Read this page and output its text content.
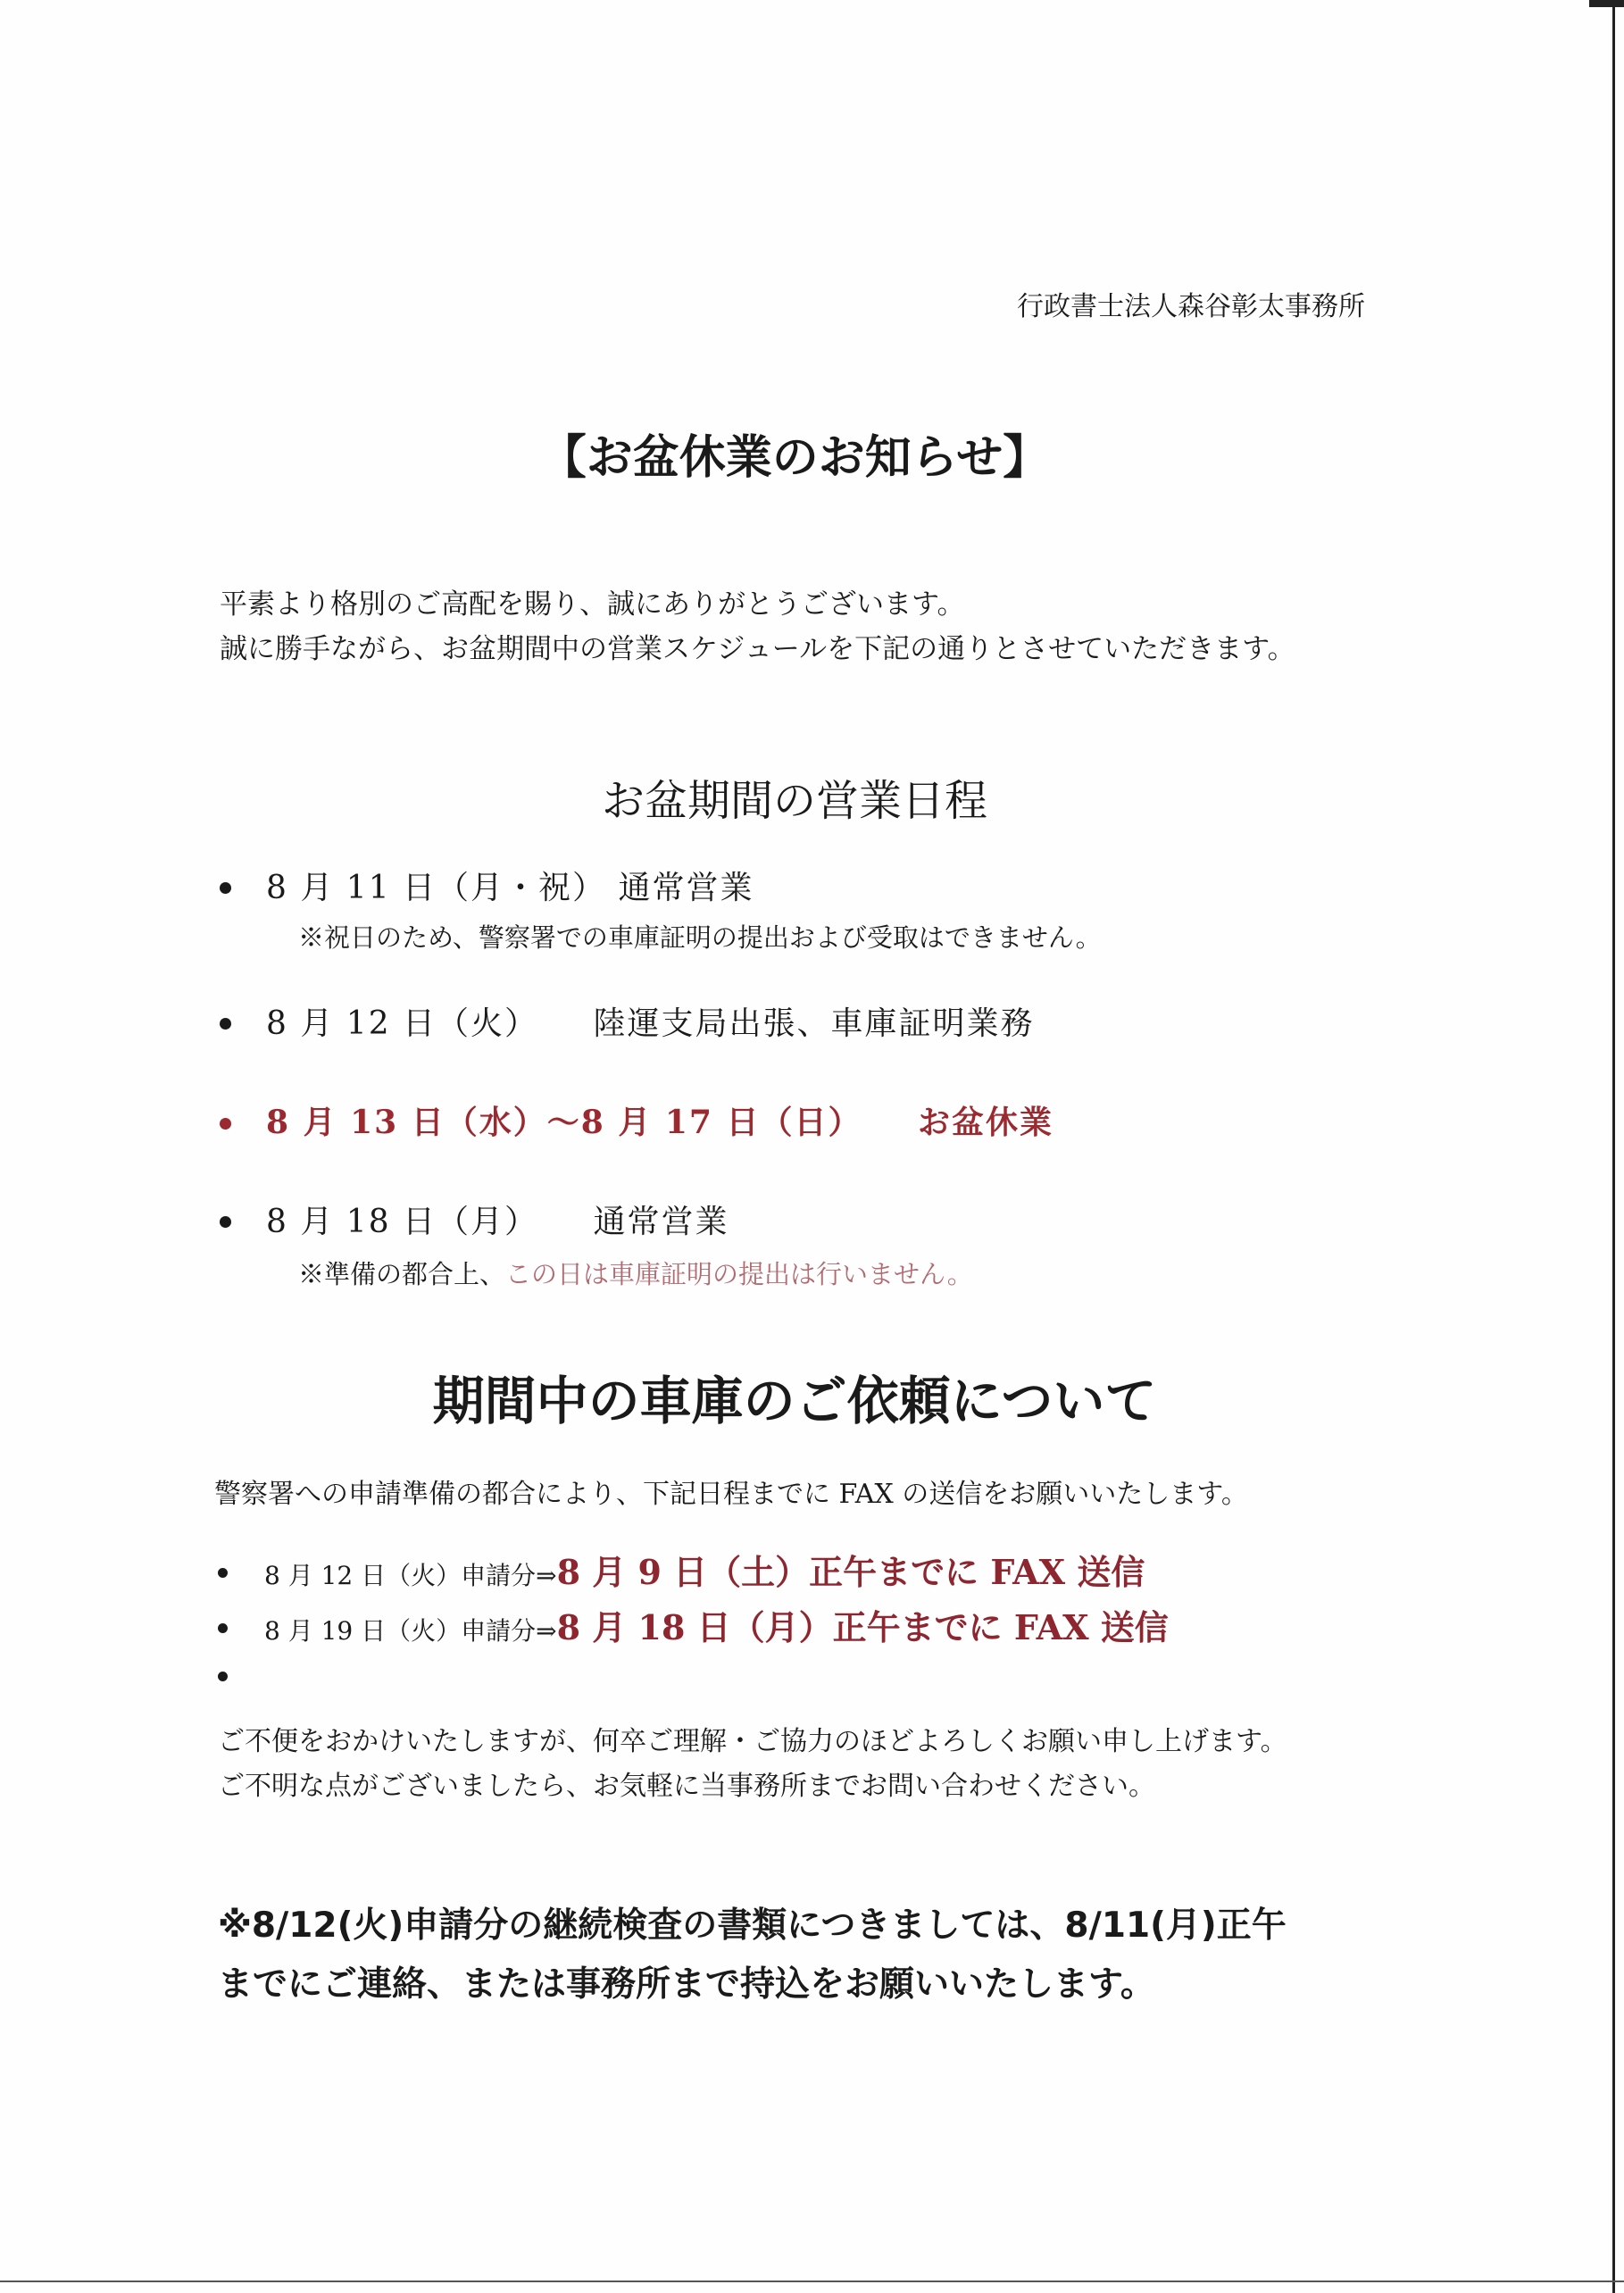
行政書士法人森谷彰太事務所
【お盆休業のお知らせ】
平素より格別のご高配を賜り、誠にありがとうございます。
誠に勝手ながら、お盆期間中の営業スケジュールを下記の通りとさせていただきます。
お盆期間の営業日程
8 月 11 日（月・祝） 通常営業
※祝日のため、警察署での車庫証明の提出および受取はできません。
8 月 12 日（火） 陸運支局出張、車庫証明業務
8 月 13 日（水）～8 月 17 日（日） お盆休業
8 月 18 日（月） 通常営業
※準備の都合上、この日は車庫証明の提出は行いません。
期間中の車庫のご依頼について
警察署への申請準備の都合により、下記日程までに FAX の送信をお願いいたします。
8 月 12 日（火）申請分⇒8 月 9 日（土）正午までに FAX 送信
8 月 19 日（火）申請分⇒8 月 18 日（月）正午までに FAX 送信
ご不便をおかけいたしますが、何卒ご理解・ご協力のほどよろしくお願い申し上げます。
ご不明な点がございましたら、お気軽に当事務所までお問い合わせください。
※8/12(火)申請分の継続検査の書類につきましては、8/11(月)正午
までにご連絡、または事務所まで持込をお願いいたします。
